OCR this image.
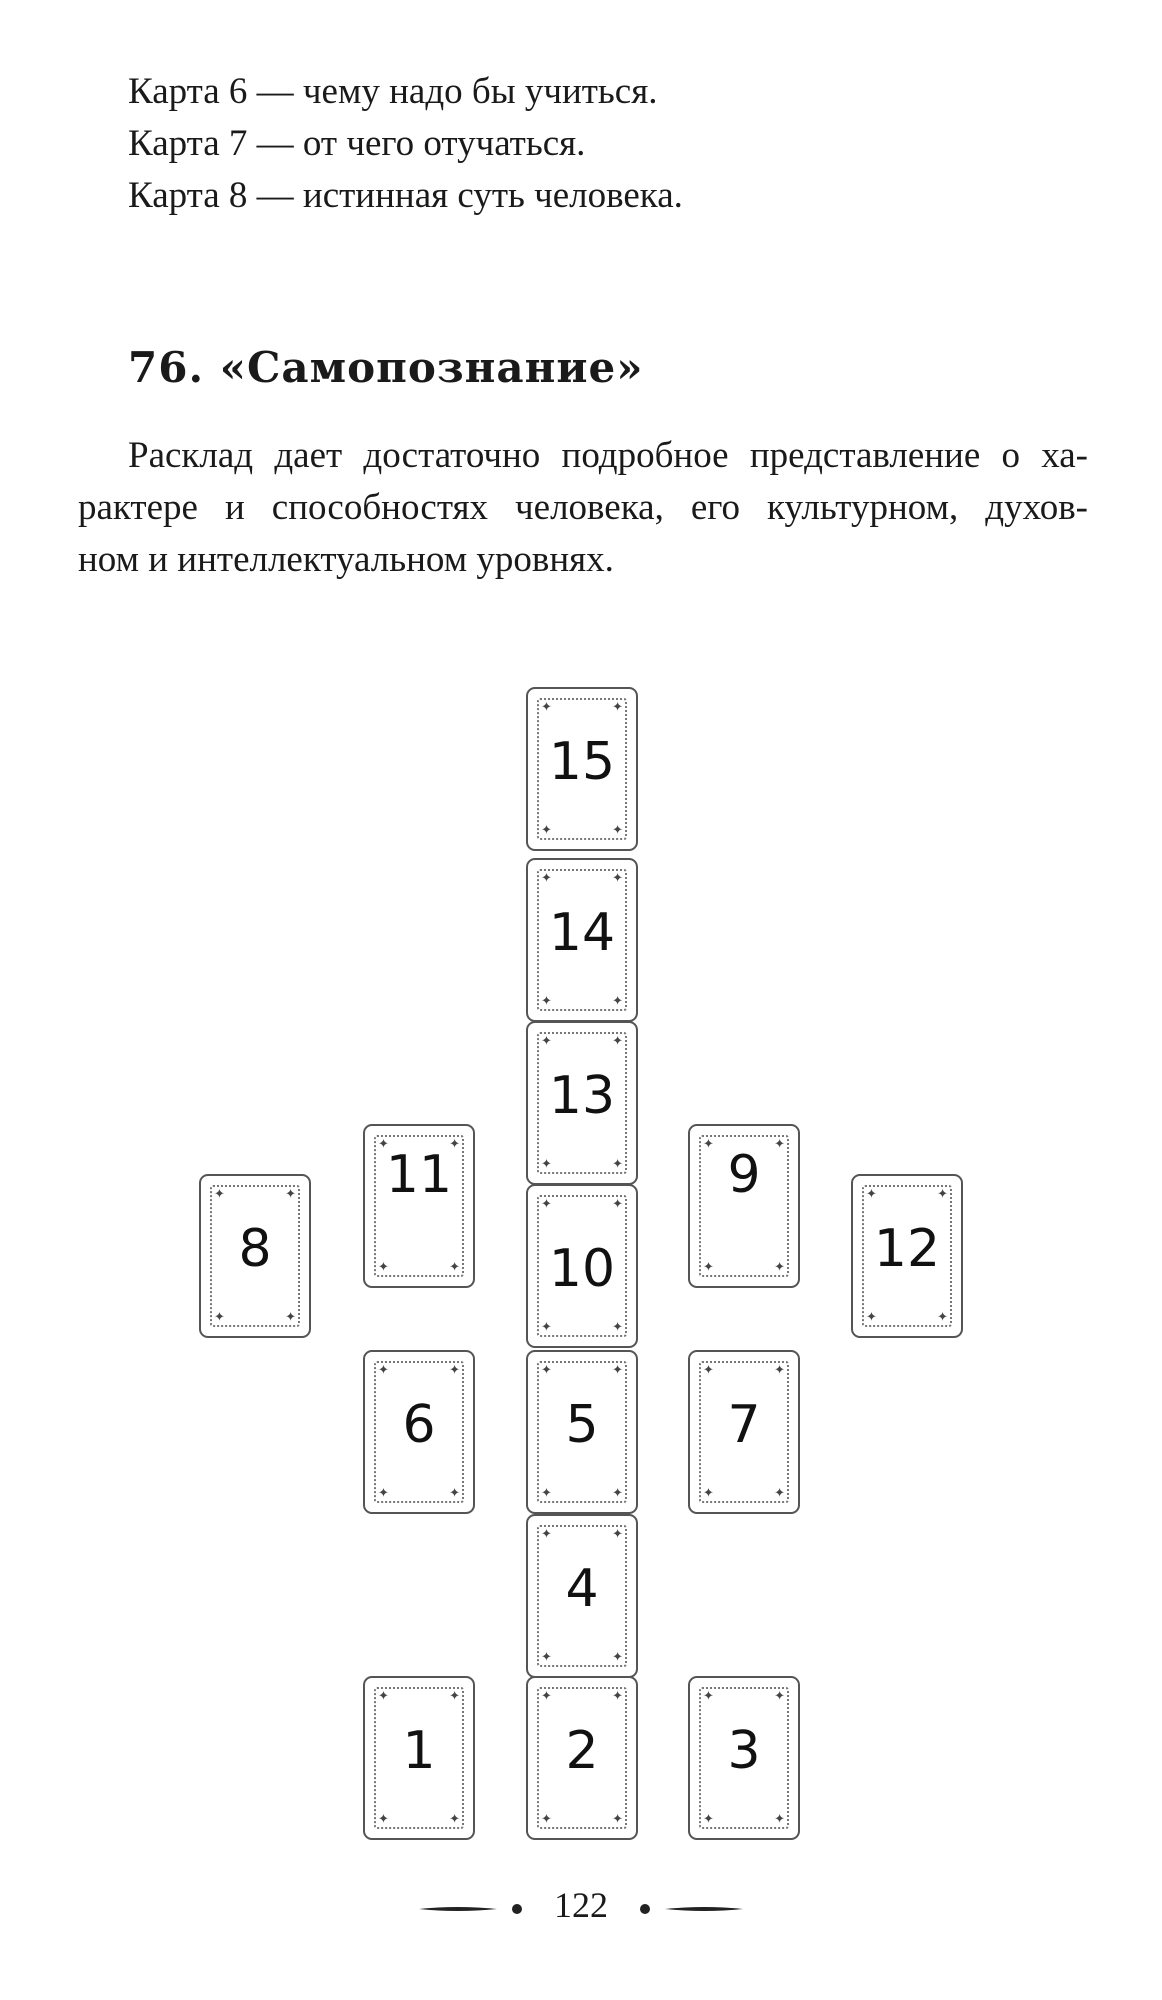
Карта 6 — чему надо бы учиться.
Карта 7 — от чего отучаться.
Карта 8 — истинная суть человека.
76. «Самопознание»
Расклад дает достаточно подробное представление о ха-
рактере и способностях человека, его культурном, духов-
ном и интеллектуальном уровнях.
✦	✦
✦	✦
15
✦	✦
✦	✦
14
✦	✦
✦	✦
13
✦	✦
✦	✦
11
✦	✦
✦	✦
9
✦	✦
✦	✦
8
✦	✦
✦	✦
10
✦	✦
✦	✦
12
✦	✦
✦	✦
6
✦	✦
✦	✦
5
✦	✦
✦	✦
7
✦	✦
✦	✦
4
✦	✦
✦	✦
1
✦	✦
✦	✦
2
✦	✦
✦	✦
3
122
